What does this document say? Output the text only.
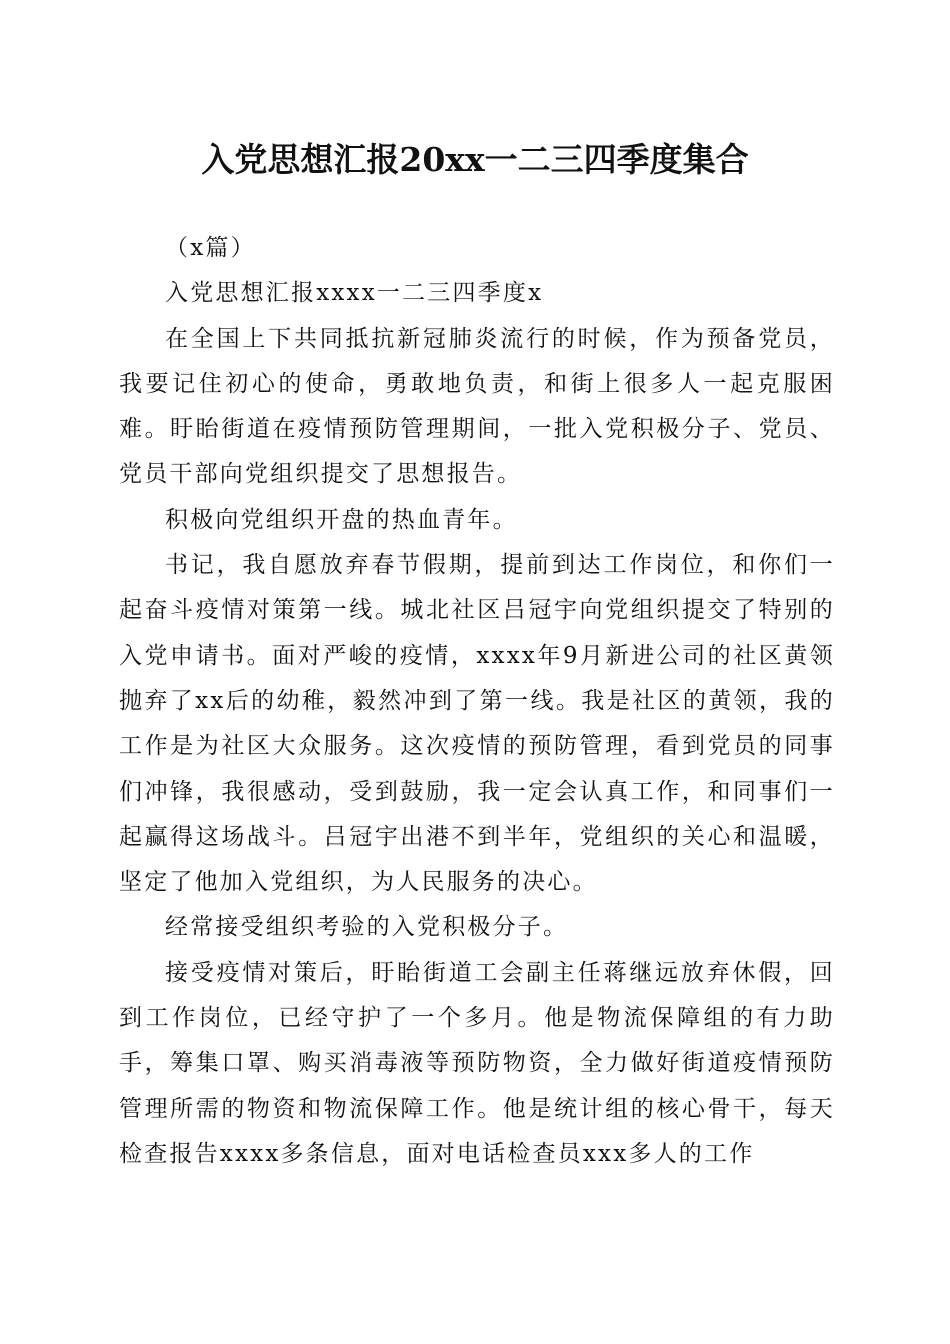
入党思想汇报20xx一二三四季度集合

（x篇）

入党思想汇报xxxx一二三四季度x

在全国上下共同抵抗新冠肺炎流行的时候，作为预备党员，我要记住初心的使命，勇敢地负责，和街上很多人一起克服困难。盱眙街道在疫情预防管理期间，一批入党积极分子、党员、党员干部向党组织提交了思想报告。

积极向党组织开盘的热血青年。

书记，我自愿放弃春节假期，提前到达工作岗位，和你们一起奋斗疫情对策第一线。城北社区吕冠宇向党组织提交了特别的入党申请书。面对严峻的疫情，xxxx年9月新进公司的社区黄领抛弃了xx后的幼稚，毅然冲到了第一线。我是社区的黄领，我的工作是为社区大众服务。这次疫情的预防管理，看到党员的同事们冲锋，我很感动，受到鼓励，我一定会认真工作，和同事们一起赢得这场战斗。吕冠宇出港不到半年，党组织的关心和温暖，坚定了他加入党组织，为人民服务的决心。

经常接受组织考验的入党积极分子。

接受疫情对策后，盱眙街道工会副主任蒋继远放弃休假，回到工作岗位，已经守护了一个多月。他是物流保障组的有力助手，筹集口罩、购买消毒液等预防物资，全力做好街道疫情预防管理所需的物资和物流保障工作。他是统计组的核心骨干，每天检查报告xxxx多条信息，面对电话检查员xxx多人的工作
